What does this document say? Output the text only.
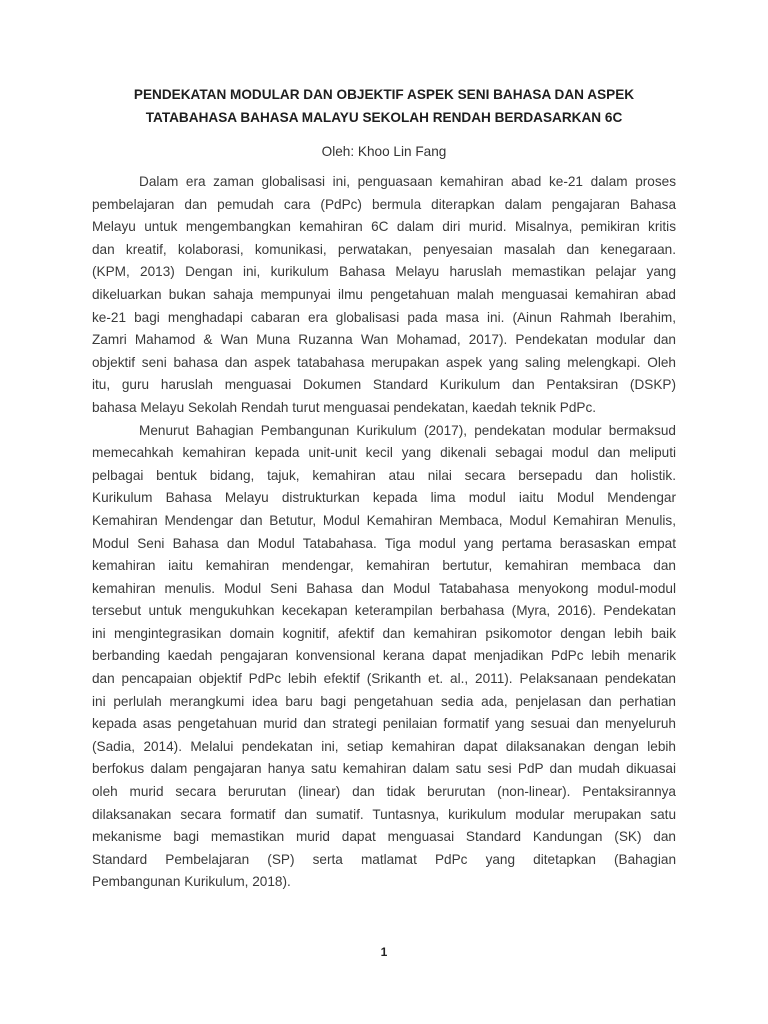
PENDEKATAN MODULAR DAN OBJEKTIF ASPEK SENI BAHASA DAN ASPEK
TATABAHASA BAHASA MALAYU SEKOLAH RENDAH BERDASARKAN 6C
Oleh: Khoo Lin Fang

Dalam era zaman globalisasi ini, penguasaan kemahiran abad ke-21 dalam proses
pembelajaran dan pemudah cara (PdPc) bermula diterapkan dalam pengajaran Bahasa
Melayu untuk mengembangkan kemahiran 6C dalam diri murid. Misalnya, pemikiran kritis
dan kreatif, kolaborasi, komunikasi, perwatakan, penyesaian masalah dan kenegaraan.
(KPM, 2013) Dengan ini, kurikulum Bahasa Melayu haruslah memastikan pelajar yang
dikeluarkan bukan sahaja mempunyai ilmu pengetahuan malah menguasai kemahiran abad
ke-21 bagi menghadapi cabaran era globalisasi pada masa ini. (Ainun Rahmah Iberahim,
Zamri Mahamod & Wan Muna Ruzanna Wan Mohamad, 2017). Pendekatan modular dan
objektif seni bahasa dan aspek tatabahasa merupakan aspek yang saling melengkapi. Oleh
itu, guru haruslah menguasai Dokumen Standard Kurikulum dan Pentaksiran (DSKP)
bahasa Melayu Sekolah Rendah turut menguasai pendekatan, kaedah teknik PdPc.

Menurut Bahagian Pembangunan Kurikulum (2017), pendekatan modular bermaksud
memecahkah kemahiran kepada unit-unit kecil yang dikenali sebagai modul dan meliputi
pelbagai bentuk bidang, tajuk, kemahiran atau nilai secara bersepadu dan holistik.
Kurikulum Bahasa Melayu distrukturkan kepada lima modul iaitu Modul Mendengar
Kemahiran Mendengar dan Betutur, Modul Kemahiran Membaca, Modul Kemahiran Menulis,
Modul Seni Bahasa dan Modul Tatabahasa. Tiga modul yang pertama berasaskan empat
kemahiran iaitu kemahiran mendengar, kemahiran bertutur, kemahiran membaca dan
kemahiran menulis. Modul Seni Bahasa dan Modul Tatabahasa menyokong modul-modul
tersebut untuk mengukuhkan kecekapan keterampilan berbahasa (Myra, 2016). Pendekatan
ini mengintegrasikan domain kognitif, afektif dan kemahiran psikomotor dengan lebih baik
berbanding kaedah pengajaran konvensional kerana dapat menjadikan PdPc lebih menarik
dan pencapaian objektif PdPc lebih efektif (Srikanth et. al., 2011). Pelaksanaan pendekatan
ini perlulah merangkumi idea baru bagi pengetahuan sedia ada, penjelasan dan perhatian
kepada asas pengetahuan murid dan strategi penilaian formatif yang sesuai dan menyeluruh
(Sadia, 2014). Melalui pendekatan ini, setiap kemahiran dapat dilaksanakan dengan lebih
berfokus dalam pengajaran hanya satu kemahiran dalam satu sesi PdP dan mudah dikuasai
oleh murid secara berurutan (linear) dan tidak berurutan (non-linear). Pentaksirannya
dilaksanakan secara formatif dan sumatif. Tuntasnya, kurikulum modular merupakan satu
mekanisme bagi memastikan murid dapat menguasai Standard Kandungan (SK) dan
Standard Pembelajaran (SP) serta matlamat PdPc yang ditetapkan (Bahagian
Pembangunan Kurikulum, 2018).

1
